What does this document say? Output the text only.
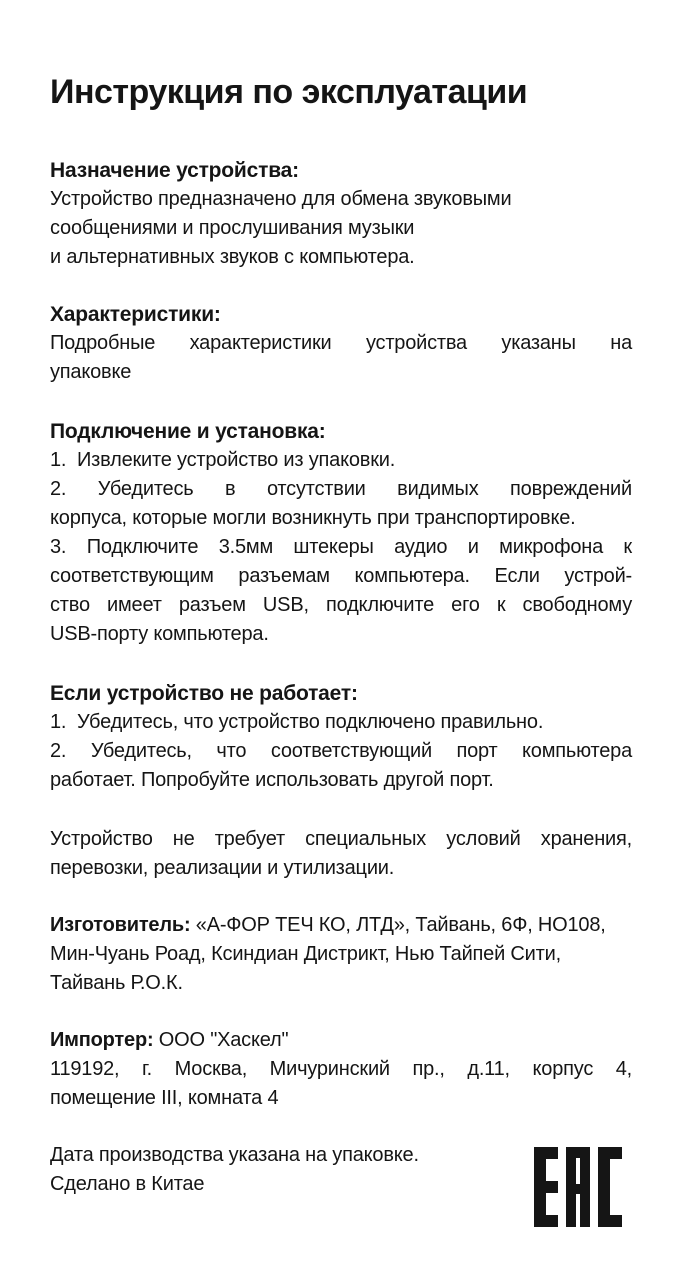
Инструкция по эксплуатации
Назначение устройства:
Устройство предназначено для обмена звуковыми
сообщениями и прослушивания музыки
и альтернативных звуков с компьютера.
Характеристики:
Подробные характеристики устройства указаны на
упаковке
Подключение и установка:
1.  Извлеките устройство из упаковки.
2. Убедитесь в отсутствии видимых повреждений
корпуса, которые могли возникнуть при транспортировке.
3. Подключите 3.5мм штекеры аудио и микрофона к
соответствующим разъемам компьютера. Если устрой-
ство имеет разъем USB, подключите его к свободному
USB-порту компьютера.
Если устройство не работает:
1.  Убедитесь, что устройство подключено правильно.
2. Убедитесь, что соответствующий порт компьютера
работает. Попробуйте использовать другой порт.
Устройство не требует специальных условий хранения,
перевозки, реализации и утилизации.
Изготовитель: «А-ФОР ТЕЧ КО, ЛТД», Тайвань, 6Ф, НО108,
Мин-Чуань Роад, Ксиндиан Дистрикт, Нью Тайпей Сити,
Тайвань Р.О.К.
Импортер: ООО "Хаскел"
119192, г. Москва, Мичуринский пр., д.11, корпус 4,
помещение III, комната 4
Дата производства указана на упаковке.
Сделано в Китае
